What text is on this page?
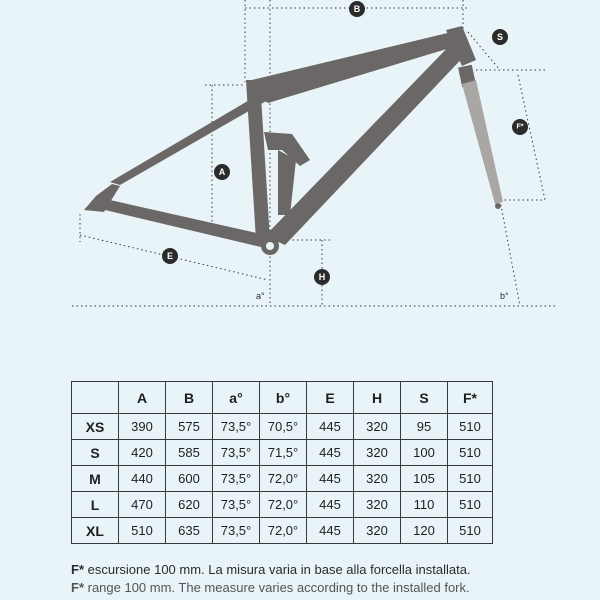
B
A
E
H
S
F*
a°	b°
	A	B	a°	b°	E	H	S	F*
XS	390	575	73,5°	70,5°	445	320	95	510
S	420	585	73,5°	71,5°	445	320	100	510
M	440	600	73,5°	72,0°	445	320	105	510
L	470	620	73,5°	72,0°	445	320	110	510
XL	510	635	73,5°	72,0°	445	320	120	510
F* escursione 100 mm. La misura varia in base alla forcella installata.
F* range 100 mm. The measure varies according to the installed fork.
